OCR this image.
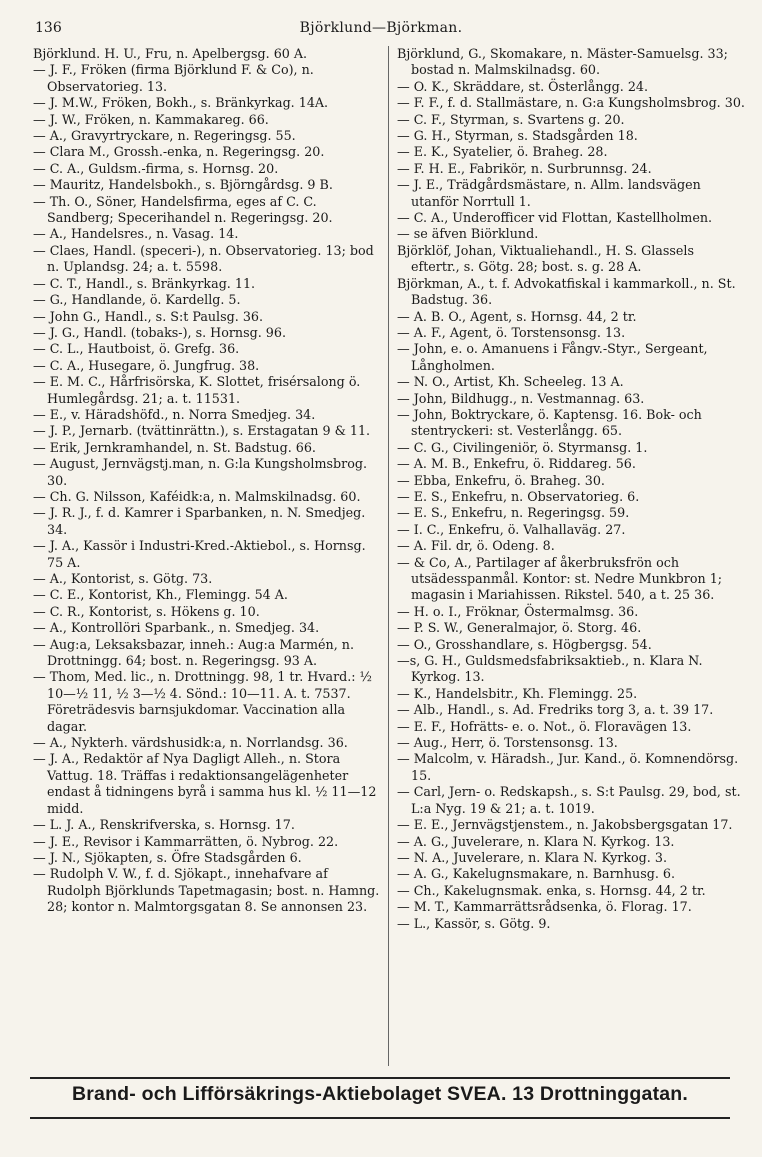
136	Björklund—Björkman.

Björklund. H. U., Fru, n. Apelbergsg. 60 A.

— J. F., Fröken (firma Björklund F. & Co), n. Observatorieg. 13.

— J. M.W., Fröken, Bokh., s. Bränkyrkag. 14A.

— J. W., Fröken, n. Kammakareg. 66.

— A., Gravyrtryckare, n. Regeringsg. 55.

— Clara M., Grossh.-enka, n. Regeringsg. 20.

— C. A., Guldsm.-firma, s. Hornsg. 20.

— Mauritz, Handelsbokh., s. Björngårdsg. 9 B.

— Th. O., Söner, Handelsfirma, eges af C. C. Sandberg; Specerihandel n. Regeringsg. 20.

— A., Handelsres., n. Vasag. 14.

— Claes, Handl. (speceri-), n. Observatorieg. 13; bod n. Uplandsg. 24; a. t. 5598.

— C. T., Handl., s. Bränkyrkag. 11.

— G., Handlande, ö. Kardellg. 5.

— John G., Handl., s. S:t Paulsg. 36.

— J. G., Handl. (tobaks-), s. Hornsg. 96.

— C. L., Hautboist, ö. Grefg. 36.

— C. A., Husegare, ö. Jungfrug. 38.

— E. M. C., Hårfrisörska, K. Slottet, frisérsalong ö. Humlegårdsg. 21; a. t. 11531.

— E., v. Häradshöfd., n. Norra Smedjeg. 34.

— J. P., Jernarb. (tvättinrättn.), s. Erstagatan 9 & 11.

— Erik, Jernkramhandel, n. St. Badstug. 66.

— August, Jernvägstj.man, n. G:la Kungsholmsbrog. 30.

— Ch. G. Nilsson, Kaféidk:a, n. Malmskilnadsg. 60.

— J. R. J., f. d. Kamrer i Sparbanken, n. N. Smedjeg. 34.

— J. A., Kassör i Industri-Kred.-Aktiebol., s. Hornsg. 75 A.

— A., Kontorist, s. Götg. 73.

— C. E., Kontorist, Kh., Flemingg. 54 A.

— C. R., Kontorist, s. Hökens g. 10.

— A., Kontrollöri Sparbank., n. Smedjeg. 34.

— Aug:a, Leksaksbazar, inneh.: Aug:a Marmén, n. Drottningg. 64; bost. n. Regeringsg. 93 A.

— Thom, Med. lic., n. Drottningg. 98, 1 tr. Hvard.: ½ 10—½ 11, ½ 3—½ 4. Sönd.: 10—11. A. t. 7537. Företrädesvis barnsjukdomar. Vaccination alla dagar.

— A., Nykterh. värdshusidk:a, n. Norrlandsg. 36.

— J. A., Redaktör af Nya Dagligt Alleh., n. Stora Vattug. 18. Träffas i redaktionsangelägenheter endast å tidningens byrå i samma hus kl. ½ 11—12 midd.

— L. J. A., Renskrifverska, s. Hornsg. 17.

— J. E., Revisor i Kammarrätten, ö. Nybrog. 22.

— J. N., Sjökapten, s. Öfre Stadsgården 6.

— Rudolph V. W., f. d. Sjökapt., innehafvare af Rudolph Björklunds Tapetmagasin; bost. n. Hamng. 28; kontor n. Malmtorgsgatan 8. Se annonsen 23.

Björklund, G., Skomakare, n. Mäster-Samuelsg. 33; bostad n. Malmskilnadsg. 60.

— O. K., Skräddare, st. Österlångg. 24.

— F. F., f. d. Stallmästare, n. G:a Kungsholmsbrog. 30.

— C. F., Styrman, s. Svartens g. 20.

— G. H., Styrman, s. Stadsgården 18.

— E. K., Syatelier, ö. Braheg. 28.

— F. H. E., Fabrikör, n. Surbrunnsg. 24.

— J. E., Trädgårdsmästare, n. Allm. landsvägen utanför Norrtull 1.

— C. A., Underofficer vid Flottan, Kastellholmen.

— se äfven Biörklund.

Björklöf, Johan, Viktualiehandl., H. S. Glassels eftertr., s. Götg. 28; bost. s. g. 28 A.

Björkman, A., t. f. Advokatfiskal i kammarkoll., n. St. Badstug. 36.

— A. B. O., Agent, s. Hornsg. 44, 2 tr.

— A. F., Agent, ö. Torstensonsg. 13.

— John, e. o. Amanuens i Fångv.-Styr., Sergeant, Långholmen.

— N. O., Artist, Kh. Scheeleg. 13 A.

— John, Bildhugg., n. Vestmannag. 63.

— John, Boktryckare, ö. Kaptensg. 16. Bok- och stentryckeri: st. Vesterlångg. 65.

— C. G., Civilingeniör, ö. Styrmansg. 1.

— A. M. B., Enkefru, ö. Riddareg. 56.

— Ebba, Enkefru, ö. Braheg. 30.

— E. S., Enkefru, n. Observatorieg. 6.

— E. S., Enkefru, n. Regeringsg. 59.

— I. C., Enkefru, ö. Valhallaväg. 27.

— A. Fil. dr, ö. Odeng. 8.

— & Co, A., Partilager af åkerbruksfrön och utsädesspanmål. Kontor: st. Nedre Munkbron 1; magasin i Mariahissen. Rikstel. 540, a t. 25 36.

— H. o. I., Fröknar, Östermalmsg. 36.

— P. S. W., Generalmajor, ö. Storg. 46.

— O., Grosshandlare, s. Högbergsg. 54.

—s, G. H., Guldsmedsfabriksaktieb., n. Klara N. Kyrkog. 13.

— K., Handelsbitr., Kh. Flemingg. 25.

— Alb., Handl., s. Ad. Fredriks torg 3, a. t. 39 17.

— E. F., Hofrätts- e. o. Not., ö. Floravägen 13.

— Aug., Herr, ö. Torstensonsg. 13.

— Malcolm, v. Häradsh., Jur. Kand., ö. Komnendörsg. 15.

— Carl, Jern- o. Redskapsh., s. S:t Paulsg. 29, bod, st. L:a Nyg. 19 & 21; a. t. 1019.

— E. E., Jernvägstjenstem., n. Jakobsbergsgatan 17.

— A. G., Juvelerare, n. Klara N. Kyrkog. 13.

— N. A., Juvelerare, n. Klara N. Kyrkog. 3.

— A. G., Kakelugnsmakare, n. Barnhusg. 6.

— Ch., Kakelugnsmak. enka, s. Hornsg. 44, 2 tr.

— M. T., Kammarrättsrådsenka, ö. Florag. 17.

— L., Kassör, s. Götg. 9.

Brand- och Lifförsäkrings-Aktiebolaget SVEA. 13 Drottninggatan.
